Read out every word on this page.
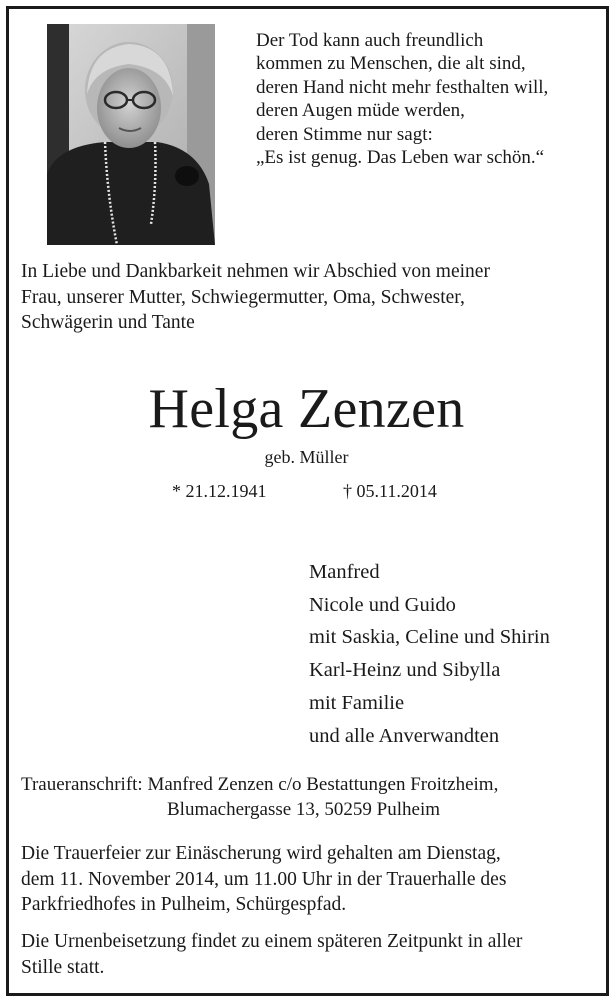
Der Tod kann auch freundlich
kommen zu Menschen, die alt sind,
deren Hand nicht mehr festhalten will,
deren Augen müde werden,
deren Stimme nur sagt:
„Es ist genug. Das Leben war schön.“
In Liebe und Dankbarkeit nehmen wir Abschied von meiner
Frau, unserer Mutter, Schwiegermutter, Oma, Schwester,
Schwägerin und Tante
Helga Zenzen
geb. Müller
* 21.12.1941	† 05.11.2014
Manfred
Nicole und Guido
mit Saskia, Celine und Shirin
Karl-Heinz und Sibylla
mit Familie
und alle Anverwandten
Traueranschrift: Manfred Zenzen c/o Bestattungen Froitzheim,
Blumachergasse 13, 50259 Pulheim
Die Trauerfeier zur Einäscherung wird gehalten am Dienstag,
dem 11. November 2014, um 11.00 Uhr in der Trauerhalle des
Parkfriedhofes in Pulheim, Schürgespfad.
Die Urnenbeisetzung findet zu einem späteren Zeitpunkt in aller
Stille statt.
